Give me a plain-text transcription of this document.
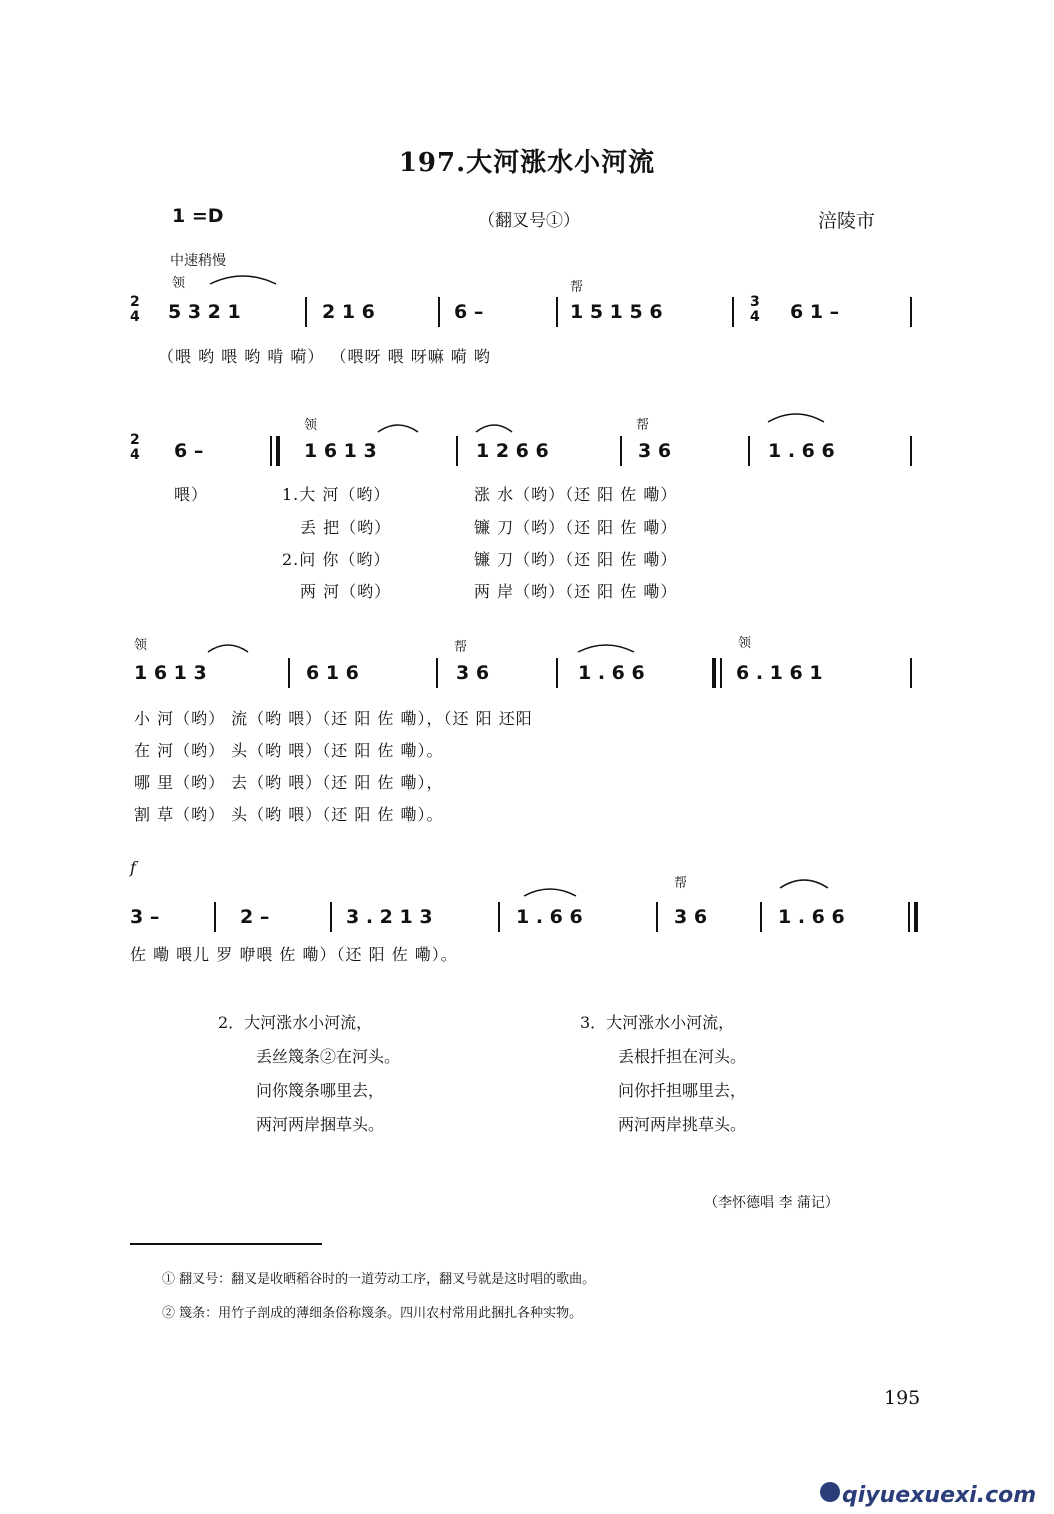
197.大河涨水小河流
1 =D	（翻叉号①）	涪陵市
中速稍慢
领	帮
2
4 5 3 2 1	2 1 6	6 –	1 5 1 5 6	3
4 6 1 –
（喂 哟 喂 哟 啃 嗬） （喂呀 喂 呀嘛 嗬 哟
领	帮
2
4 6 –	1 6 1 3	1 2 6 6	3 6	1 . 6 6
喂）	1.大 河（哟）
丢 把（哟）
2.问 你（哟）
两 河（哟）
涨 水（哟）（还 阳 佐 嘞）
镰 刀（哟）（还 阳 佐 嘞）
镰 刀（哟）（还 阳 佐 嘞）
两 岸（哟）（还 阳 佐 嘞）
领	帮	领
1 6 1 3	6 1 6	3 6	1 . 6 6	6 . 1 6 1
小 河（哟） 流（哟 喂）（还 阳 佐 嘞），（还 阳 还阳
在 河（哟） 头（哟 喂）（还 阳 佐 嘞）。
哪 里（哟） 去（哟 喂）（还 阳 佐 嘞），
割 草（哟） 头（哟 喂）（还 阳 佐 嘞）。
f
帮
3 –	2 –	3 . 2 1 3	1 . 6 6	3 6	1 . 6 6
佐 嘞 喂儿 罗 咿喂 佐 嘞）（还 阳 佐 嘞）。
2．大河涨水小河流，
丢丝篾条②在河头。
问你篾条哪里去，
两河两岸捆草头。
3．大河涨水小河流，
丢根扦担在河头。
问你扦担哪里去，
两河两岸挑草头。
（李怀德唱 李 蒲记）
① 翻叉号：翻叉是收晒稻谷时的一道劳动工序，翻叉号就是这时唱的歌曲。
② 篾条：用竹子剖成的薄细条俗称篾条。四川农村常用此捆扎各种实物。
195
qiyuexuexi.com
